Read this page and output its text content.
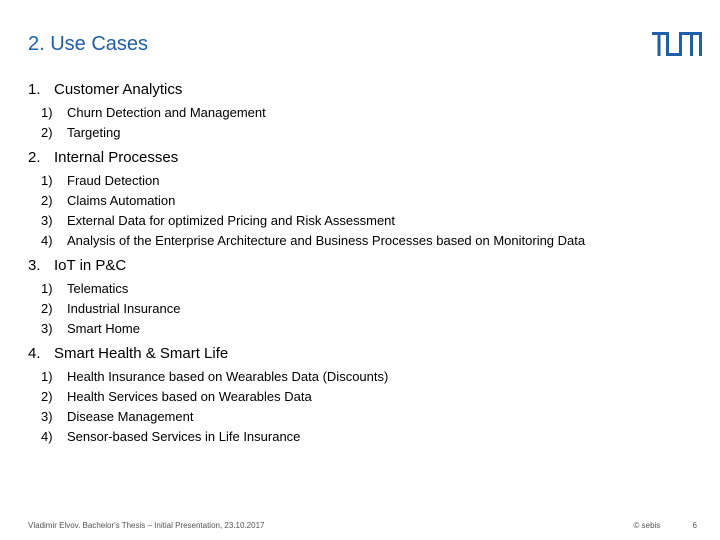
2. Use Cases
1. Customer Analytics
1)	Churn Detection and Management
2)	Targeting
2. Internal Processes
1)	Fraud Detection
2)	Claims Automation
3)	External Data for optimized Pricing and Risk Assessment
4)	Analysis of the Enterprise Architecture and Business Processes based on Monitoring Data
3. IoT in P&C
1)	Telematics
2)	Industrial Insurance
3)	Smart Home
4. Smart Health & Smart Life
1)	Health Insurance based on Wearables Data (Discounts)
2)	Health Services based on Wearables Data
3)	Disease Management
4)	Sensor-based Services in Life Insurance
Vladimir Elvov. Bachelor's Thesis – Initial Presentation, 23.10.2017	© sebis	6
